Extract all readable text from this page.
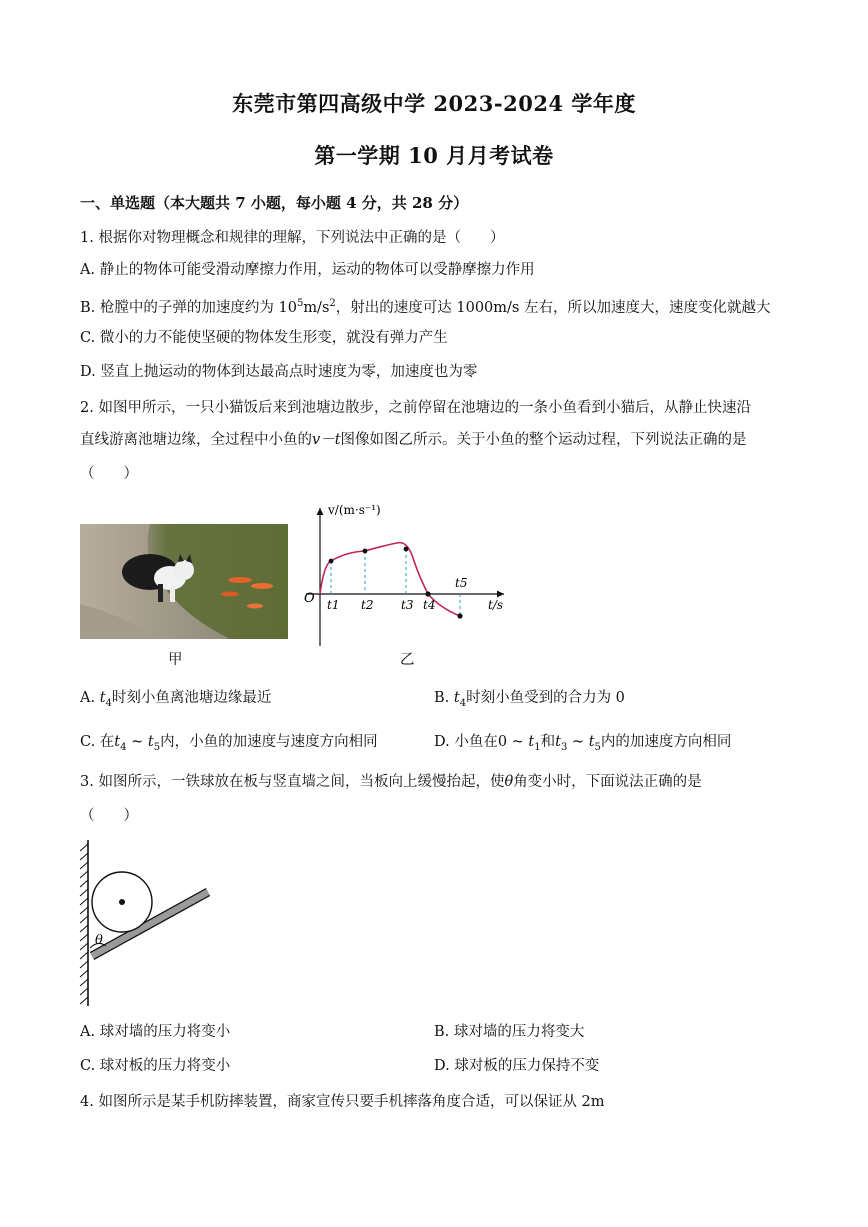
东莞市第四高级中学 2023-2024 学年度
第一学期 10 月月考试卷
一、单选题（本大题共 7 小题，每小题 4 分，共 28 分）
1. 根据你对物理概念和规律的理解，下列说法中正确的是（　　）
A. 静止的物体可能受滑动摩擦力作用，运动的物体可以受静摩擦力作用
B. 枪膛中的子弹的加速度约为 $10^5m/s^2$，射出的速度可达 1000m/s 左右，所以加速度大，速度变化就越大
C. 微小的力不能使坚硬的物体发生形变，就没有弹力产生
D. 竖直上抛运动的物体到达最高点时速度为零，加速度也为零
2. 如图甲所示，一只小猫饭后来到池塘边散步，之前停留在池塘边的一条小鱼看到小猫后，从静止快速沿
直线游离池塘边缘，全过程中小鱼的v－t图像如图乙所示。关于小鱼的整个运动过程，下列说法正确的是
（　　）
甲
O
v/(m·s⁻¹)
t/s
t1 t2 t3 t4
t5
乙
A. $t_4$时刻小鱼离池塘边缘最近	B. $t_4$时刻小鱼受到的合力为 0
C. 在$t_4$ ~ $t_5$内，小鱼的加速度与速度方向相同	D. 小鱼在0 ~ $t_1$和$t_3$ ~ $t_5$内的加速度方向相同
3. 如图所示，一铁球放在板与竖直墙之间，当板向上缓慢抬起，使θ角变小时，下面说法正确的是
（　　）
θ
A. 球对墙的压力将变小	B. 球对墙的压力将变大
C. 球对板的压力将变小	D. 球对板的压力保持不变
4. 如图所示是某手机防摔装置，商家宣传只要手机摔落角度合适，可以保证从 2m
